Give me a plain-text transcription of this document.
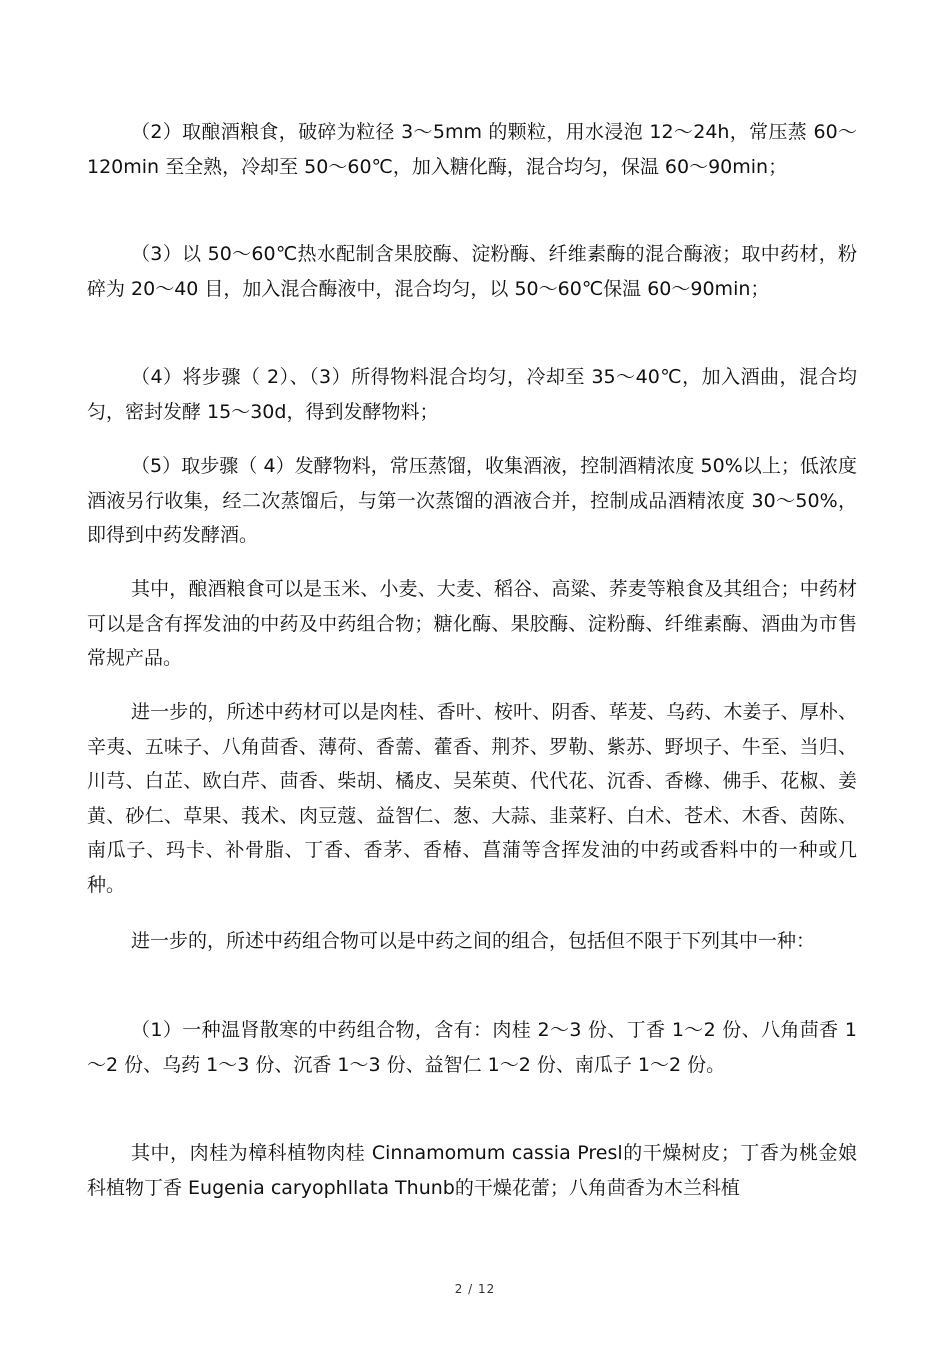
（2）取酿酒粮食，破碎为粒径 3～5mm 的颗粒，用水浸泡 12～24h，常压蒸 60～120min 至全熟，冷却至 50～60℃，加入糖化酶，混合均匀，保温 60～90min；

（3）以 50～60℃热水配制含果胶酶、淀粉酶、纤维素酶的混合酶液；取中药材，粉碎为 20～40 目，加入混合酶液中，混合均匀，以 50～60℃保温 60～90min；

（4）将步骤（ 2）、（3）所得物料混合均匀，冷却至 35～40℃，加入酒曲，混合均匀，密封发酵 15～30d，得到发酵物料；

（5）取步骤（ 4）发酵物料，常压蒸馏，收集酒液，控制酒精浓度 50%以上；低浓度酒液另行收集，经二次蒸馏后，与第一次蒸馏的酒液合并，控制成品酒精浓度 30～50%，即得到中药发酵酒。

其中，酿酒粮食可以是玉米、小麦、大麦、稻谷、高粱、荞麦等粮食及其组合；中药材可以是含有挥发油的中药及中药组合物；糖化酶、果胶酶、淀粉酶、纤维素酶、酒曲为市售常规产品。

进一步的，所述中药材可以是肉桂、香叶、桉叶、阴香、荜茇、乌药、木姜子、厚朴、辛夷、五味子、八角茴香、薄荷、香薷、藿香、荆芥、罗勒、紫苏、野坝子、牛至、当归、川芎、白芷、欧白芹、茴香、柴胡、橘皮、吴茱萸、代代花、沉香、香橼、佛手、花椒、姜黄、砂仁、草果、莪术、肉豆蔻、益智仁、葱、大蒜、韭菜籽、白术、苍术、木香、茵陈、南瓜子、玛卡、补骨脂、丁香、香茅、香椿、菖蒲等含挥发油的中药或香料中的一种或几种。

进一步的，所述中药组合物可以是中药之间的组合，包括但不限于下列其中一种：

（1）一种温肾散寒的中药组合物，含有：肉桂 2～3 份、丁香 1～2 份、八角茴香 1～2 份、乌药 1～3 份、沉香 1～3 份、益智仁 1～2 份、南瓜子 1～2 份。

其中，肉桂为樟科植物肉桂 Cinnamomum cassia Presl的干燥树皮；丁香为桃金娘科植物丁香 Eugenia caryophllata Thunb的干燥花蕾；八角茴香为木兰科植

2 / 12
